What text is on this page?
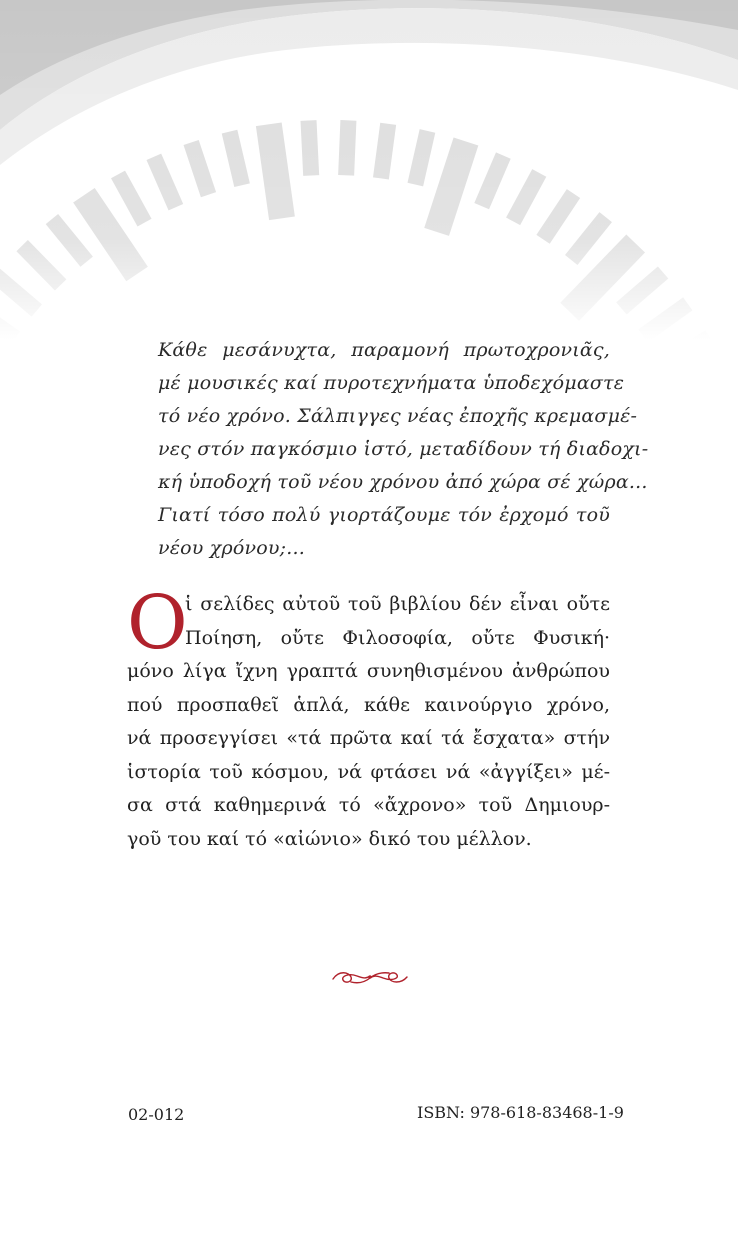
Κάθε μεσάνυχτα, παραμονή πρωτοχρονιᾶς,
μέ μουσικές καί πυροτεχνήματα ὑποδεχόμαστε
τό νέο χρόνο. Σάλπιγγες νέας ἐποχῆς κρεμασμέ-
νες στόν παγκόσμιο ἱστό, μεταδίδουν τή διαδοχι-
κή ὑποδοχή τοῦ νέου χρόνου ἀπό χώρα σέ χώρα...
Γιατί τόσο πολύ γιορτάζουμε τόν ἐρχομό τοῦ
νέου χρόνου;...
O
ἱ σελίδες αὐτοῦ τοῦ βιβλίου δέν εἶναι οὔτε
Ποίηση, οὔτε Φιλοσοφία, οὔτε Φυσική·
μόνο λίγα ἴχνη γραπτά συνηθισμένου ἀνθρώπου
πού προσπαθεῖ ἁπλά, κάθε καινούργιο χρόνο,
νά προσεγγίσει «τά πρῶτα καί τά ἔσχατα» στήν
ἱστορία τοῦ κόσμου, νά φτάσει νά «ἀγγίξει» μέ-
σα στά καθημερινά τό «ἄχρονο» τοῦ Δημιουρ-
γοῦ του καί τό «αἰώνιο» δικό του μέλλον.
02-012	ISBN: 978-618-83468-1-9
